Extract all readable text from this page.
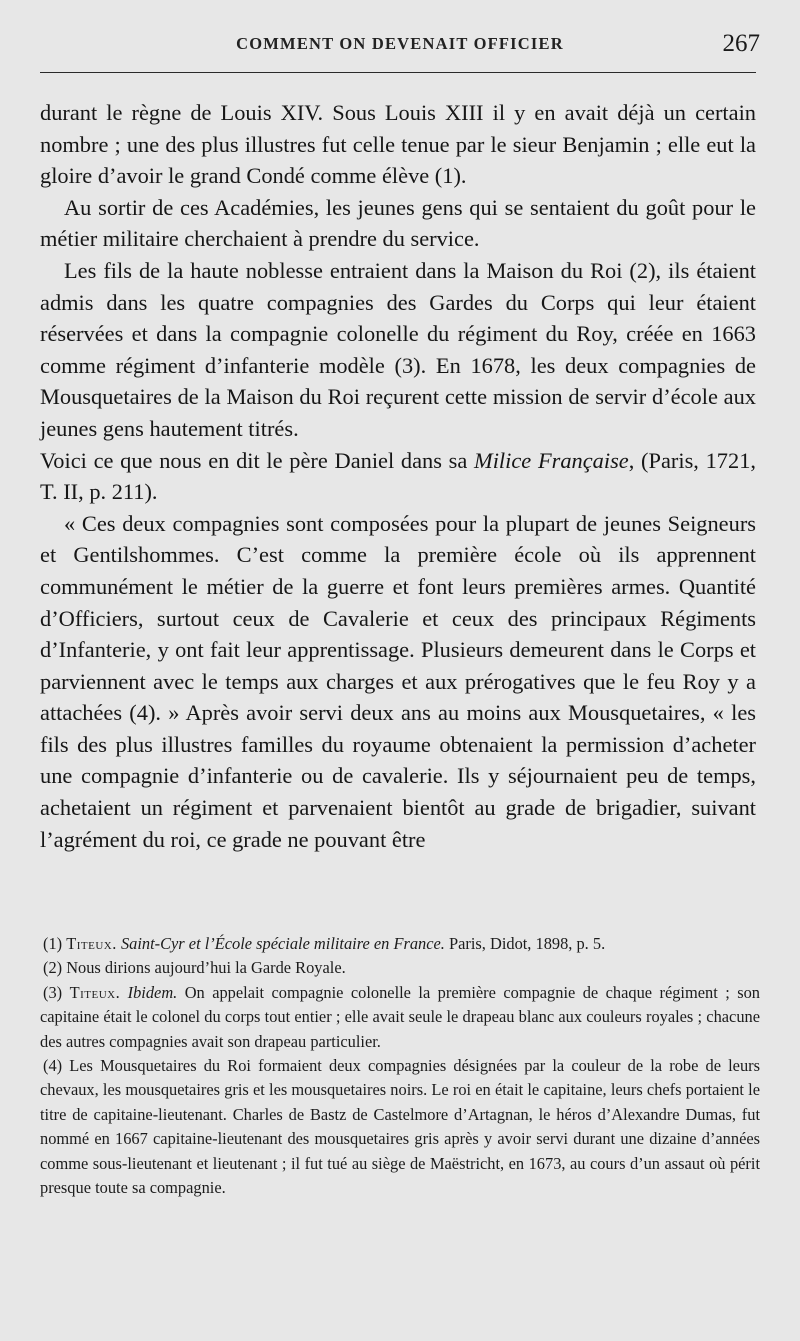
COMMENT ON DEVENAIT OFFICIER	267

durant le règne de Louis XIV. Sous Louis XIII il y en avait déjà un certain nombre ; une des plus illustres fut celle tenue par le sieur Benjamin ; elle eut la gloire d’avoir le grand Condé comme élève (1).

Au sortir de ces Académies, les jeunes gens qui se sentaient du goût pour le métier militaire cherchaient à prendre du service.

Les fils de la haute noblesse entraient dans la Maison du Roi (2), ils étaient admis dans les quatre compagnies des Gardes du Corps qui leur étaient réservées et dans la compagnie colonelle du régiment du Roy, créée en 1663 comme régiment d’infanterie modèle (3). En 1678, les deux compagnies de Mousquetaires de la Maison du Roi reçurent cette mission de servir d’école aux jeunes gens hautement titrés.

Voici ce que nous en dit le père Daniel dans sa Milice Française, (Paris, 1721, T. II, p. 211).

« Ces deux compagnies sont composées pour la plupart de jeunes Seigneurs et Gentilshommes. C’est comme la première école où ils apprennent communément le métier de la guerre et font leurs premières armes. Quantité d’Officiers, surtout ceux de Cavalerie et ceux des principaux Régiments d’Infanterie, y ont fait leur apprentissage. Plusieurs demeurent dans le Corps et parviennent avec le temps aux charges et aux prérogatives que le feu Roy y a attachées (4). » Après avoir servi deux ans au moins aux Mousquetaires, « les fils des plus illustres familles du royaume obtenaient la permission d’acheter une compagnie d’infanterie ou de cavalerie. Ils y séjournaient peu de temps, achetaient un régiment et parvenaient bientôt au grade de brigadier, suivant l’agrément du roi, ce grade ne pouvant être

(1) Titeux. Saint-Cyr et l’École spéciale militaire en France. Paris, Didot, 1898, p. 5.

(2) Nous dirions aujourd’hui la Garde Royale.

(3) Titeux. Ibidem. On appelait compagnie colonelle la première compagnie de chaque régiment ; son capitaine était le colonel du corps tout entier ; elle avait seule le drapeau blanc aux couleurs royales ; chacune des autres compagnies avait son drapeau particulier.

(4) Les Mousquetaires du Roi formaient deux compagnies désignées par la couleur de la robe de leurs chevaux, les mousquetaires gris et les mousquetaires noirs. Le roi en était le capitaine, leurs chefs portaient le titre de capitaine-lieutenant. Charles de Bastz de Castelmore d’Artagnan, le héros d’Alexandre Dumas, fut nommé en 1667 capitaine-lieutenant des mousquetaires gris après y avoir servi durant une dizaine d’années comme sous-lieutenant et lieutenant ; il fut tué au siège de Maëstricht, en 1673, au cours d’un assaut où périt presque toute sa compagnie.
